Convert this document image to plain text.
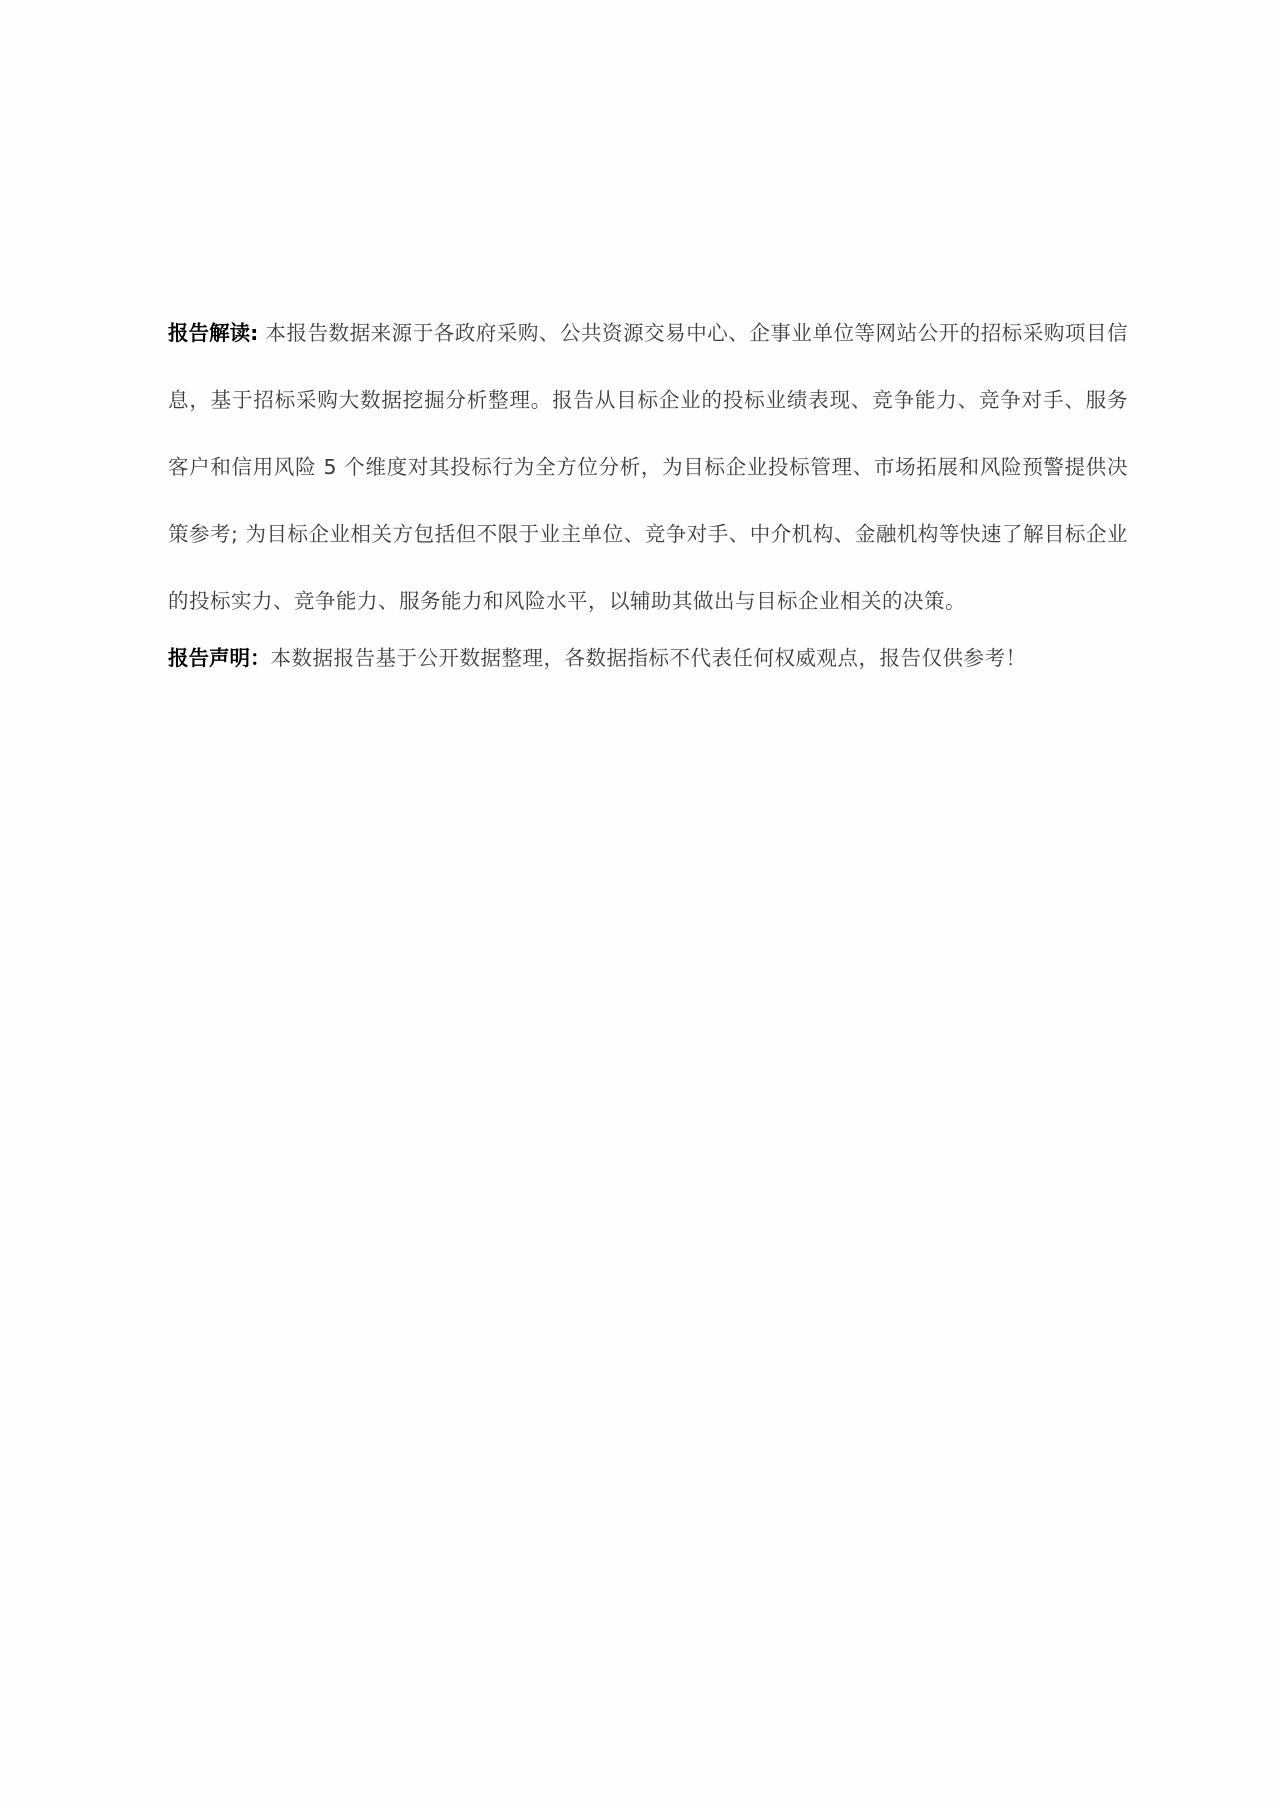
报告解读: 本报告数据来源于各政府采购、公共资源交易中心、企事业单位等网站公开的招标采购项目信息，基于招标采购大数据挖掘分析整理。报告从目标企业的投标业绩表现、竞争能力、竞争对手、服务客户和信用风险 5 个维度对其投标行为全方位分析，为目标企业投标管理、市场拓展和风险预警提供决策参考; 为目标企业相关方包括但不限于业主单位、竞争对手、中介机构、金融机构等快速了解目标企业的投标实力、竞争能力、服务能力和风险水平，以辅助其做出与目标企业相关的决策。

报告声明：本数据报告基于公开数据整理，各数据指标不代表任何权威观点，报告仅供参考！
